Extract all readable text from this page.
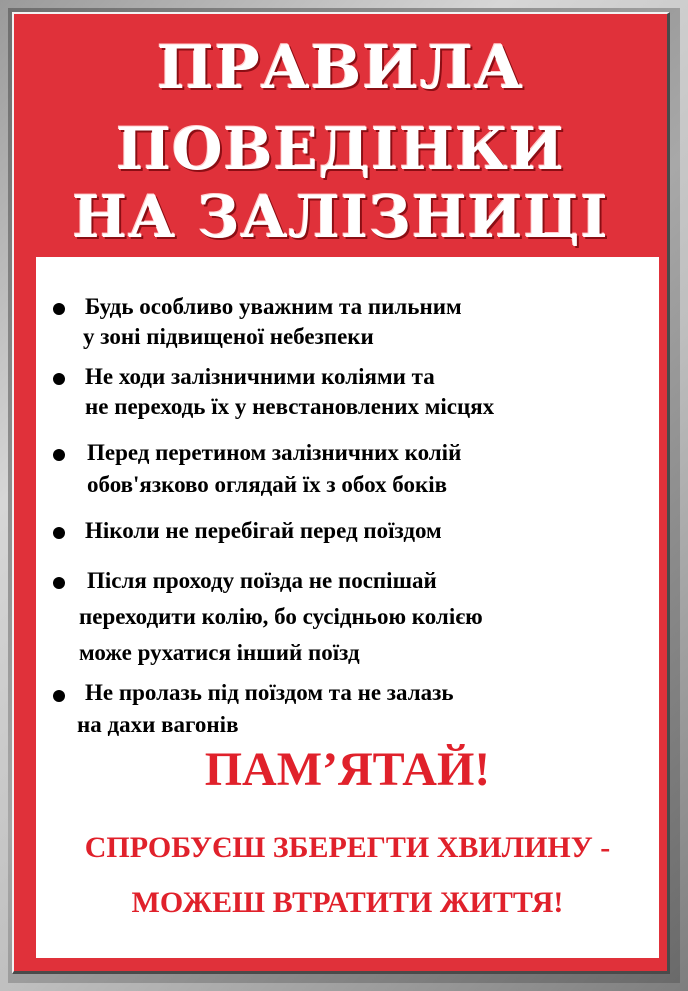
ПРАВИЛА
ПОВЕДІНКИ
НА ЗАЛІЗНИЦІ
Будь особливо уважним та пильним
у зоні підвищеної небезпеки
Не ходи залізничними коліями та
не переходь їх у невстановлених місцях
Перед перетином залізничних колій
обов'язково оглядай їх з обох боків
Ніколи не перебігай перед поїздом
Після проходу поїзда не поспішай
переходити колію, бо сусідньою колією
може рухатися інший поїзд
Не пролазь під поїздом та не залазь
на дахи вагонів
ПАМ’ЯТАЙ!
СПРОБУЄШ ЗБЕРЕГТИ ХВИЛИНУ -
МОЖЕШ ВТРАТИТИ ЖИТТЯ!
